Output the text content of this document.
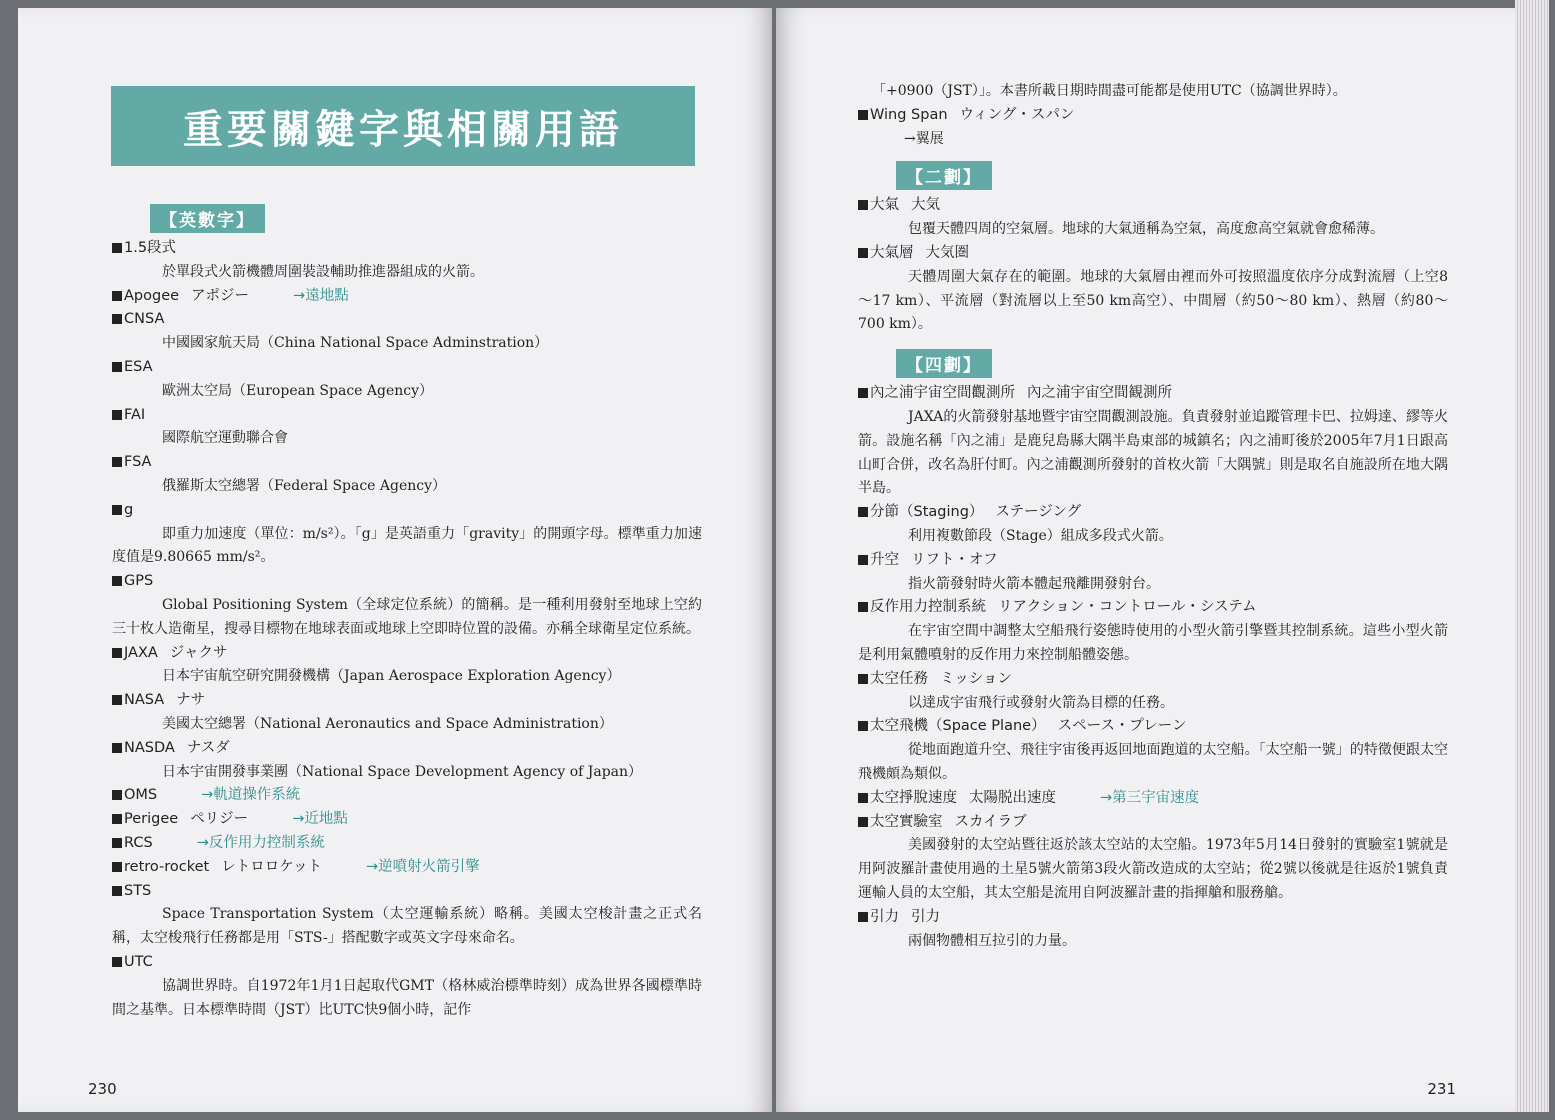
重要關鍵字與相關用語
【英數字】
1.5段式
於單段式火箭機體周圍裝設輔助推進器組成的火箭。
Apogee アポジー	→遠地點
CNSA
中國國家航天局（China National Space Adminstration）
ESA
歐洲太空局（European Space Agency）
FAI
國際航空運動聯合會
FSA
俄羅斯太空總署（Federal Space Agency）
g
即重力加速度（單位：m/s²）。「g」是英語重力「gravity」的開頭字母。標準重力加速度值是9.80665 mm/s²。
GPS
Global Positioning System（全球定位系統）的簡稱。是一種利用發射至地球上空約三十枚人造衛星，搜尋目標物在地球表面或地球上空即時位置的設備。亦稱全球衛星定位系統。
JAXA ジャクサ
日本宇宙航空研究開發機構（Japan Aerospace Exploration Agency）
NASA ナサ
美國太空總署（National Aeronautics and Space Administration）
NASDA ナスダ
日本宇宙開發事業團（National Space Development Agency of Japan）
OMS	→軌道操作系統
Perigee ペリジー	→近地點
RCS	→反作用力控制系統
retro-rocket レトロロケット	→逆噴射火箭引擎
STS
Space Transportation System（太空運輸系統）略稱。美國太空梭計畫之正式名稱，太空梭飛行任務都是用「STS-」搭配數字或英文字母來命名。
UTC
協調世界時。自1972年1月1日起取代GMT（格林威治標準時刻）成為世界各國標準時間之基準。日本標準時間（JST）比UTC快9個小時，記作
230
「+0900（JST）」。本書所載日期時間盡可能都是使用UTC（協調世界時）。
Wing Span ウィング・スパン
→翼展
【二劃】
大氣 大気
包覆天體四周的空氣層。地球的大氣通稱為空氣，高度愈高空氣就會愈稀薄。
大氣層 大気圏
天體周圍大氣存在的範圍。地球的大氣層由裡而外可按照溫度依序分成對流層（上空8～17 km）、平流層（對流層以上至50 km高空）、中間層（約50～80 km）、熱層（約80～700 km）。
【四劃】
內之浦宇宙空間觀測所 內之浦宇宙空間観測所
JAXA的火箭發射基地暨宇宙空間觀測設施。負責發射並追蹤管理卡巴、拉姆達、繆等火箭。設施名稱「內之浦」是鹿兒島縣大隅半島東部的城鎮名；內之浦町後於2005年7月1日跟高山町合併，改名為肝付町。內之浦觀測所發射的首枚火箭「大隅號」則是取名自施設所在地大隅半島。
分節（Staging） ステージング
利用複數節段（Stage）組成多段式火箭。
升空 リフト・オフ
指火箭發射時火箭本體起飛離開發射台。
反作用力控制系統 リアクション・コントロール・システム
在宇宙空間中調整太空船飛行姿態時使用的小型火箭引擎暨其控制系統。這些小型火箭是利用氣體噴射的反作用力來控制船體姿態。
太空任務 ミッション
以達成宇宙飛行或發射火箭為目標的任務。
太空飛機（Space Plane） スペース・プレーン
從地面跑道升空、飛往宇宙後再返回地面跑道的太空船。「太空船一號」的特徵便跟太空飛機頗為類似。
太空掙脫速度 太陽脱出速度	→第三宇宙速度
太空實驗室 スカイラブ
美國發射的太空站暨往返於該太空站的太空船。1973年5月14日發射的實驗室1號就是用阿波羅計畫使用過的土星5號火箭第3段火箭改造成的太空站；從2號以後就是往返於1號負責運輸人員的太空船，其太空船是流用自阿波羅計畫的指揮艙和服務艙。
引力 引力
兩個物體相互拉引的力量。
231
